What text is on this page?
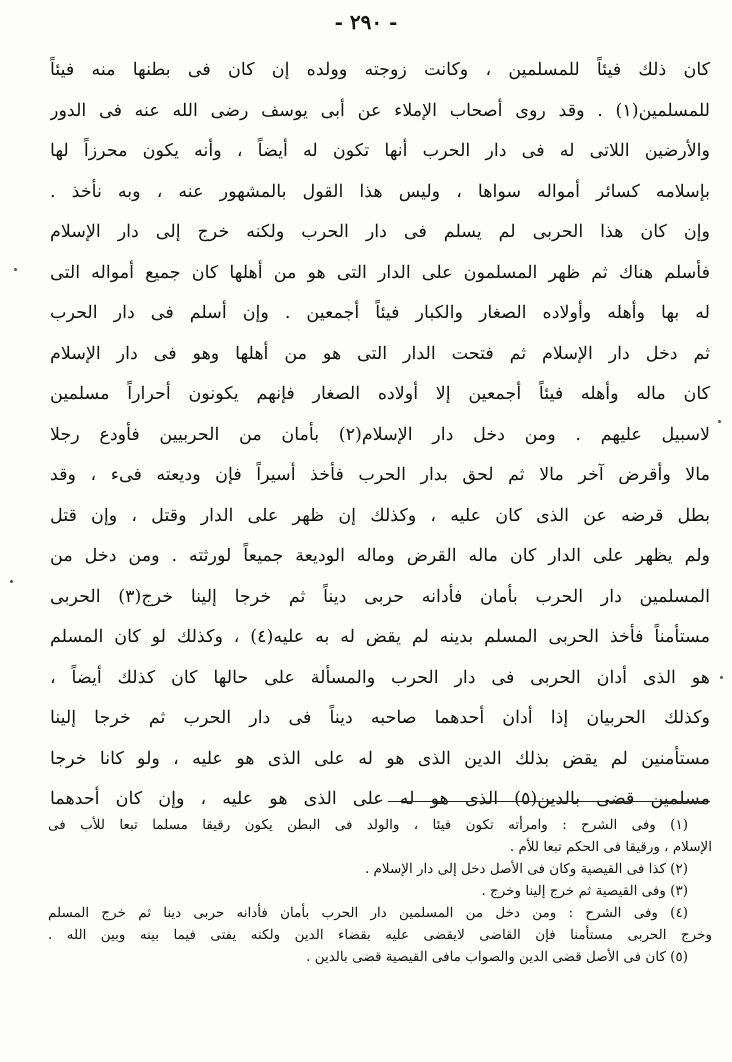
- ٢٩٠ -
كان ذلك فيئاً للمسلمين ، وكانت زوجته وولده إن كان فى بطنها منه فيئاً
للمسلمين(١) . وقد روى أصحاب الإملاء عن أبى يوسف رضى الله عنه فى الدور
والأرضين اللاتى له فى دار الحرب أنها تكون له أيضاً ، وأنه يكون محرزاً لها
بإسلامه كسائر أمواله سواها ، وليس هذا القول بالمشهور عنه ، وبه نأخذ .
وإن كان هذا الحربى لم يسلم فى دار الحرب ولكنه خرج إلى دار الإسلام
فأسلم هناك ثم ظهر المسلمون على الدار التى هو من أهلها كان جميع أمواله التى
له بها وأهله وأولاده الصغار والكبار فيئاً أجمعين . وإن أسلم فى دار الحرب
ثم دخل دار الإسلام ثم فتحت الدار التى هو من أهلها وهو فى دار الإسلام
كان ماله وأهله فيئاً أجمعين إلا أولاده الصغار فإنهم يكونون أحراراً مسلمين
لاسبيل عليهم . ومن دخل دار الإسلام(٢) بأمان من الحربيين فأودع رجلا
مالا وأقرض آخر مالا ثم لحق بدار الحرب فأخذ أسيراً فإن وديعته فىء ، وقد
بطل قرضه عن الذى كان عليه ، وكذلك إن ظهر على الدار وقتل ، وإن قتل
ولم يظهر على الدار كان ماله القرض وماله الوديعة جميعاً لورثته . ومن دخل من
المسلمين دار الحرب بأمان فأدانه حربى ديناً ثم خرجا إلينا خرج(٣) الحربى
مستأمناً فأخذ الحربى المسلم بدينه لم يقض له به عليه(٤) ، وكذلك لو كان المسلم
هو الذى أدان الحربى فى دار الحرب والمسألة على حالها كان كذلك أيضاً ،
وكذلك الحربيان إذا أدان أحدهما صاحبه ديناً فى دار الحرب ثم خرجا إلينا
مستأمنين لم يقض بذلك الدين الذى هو له على الذى هو عليه ، ولو كانا خرجا
مسلمين قضى بالدين(٥) الذى هو له على الذى هو عليه ، وإن كان أحدهما
(١) وفى الشرح : وامرأته تكون فيئا ، والولد فى البطن يكون رقيقا مسلما تبعا للأب فى
الإسلام ، ورقيقا فى الحكم تبعا للأم .
(٢) كذا فى القيصية وكان فى الأصل دخل إلى دار الإسلام .
(٣) وفى القيصية ثم خرج إلينا وخرج .
(٤) وفى الشرح : ومن دخل من المسلمين دار الحرب بأمان فأدانه حربى دينا ثم خرج المسلم
وخرج الحربى مستأمنا فإن القاضى لايقضى عليه بقضاء الدين ولكنه يفتى فيما بينه وبين الله .
(٥) كان فى الأصل قضى الدين والصواب مافى القيصية قضى بالدين .
